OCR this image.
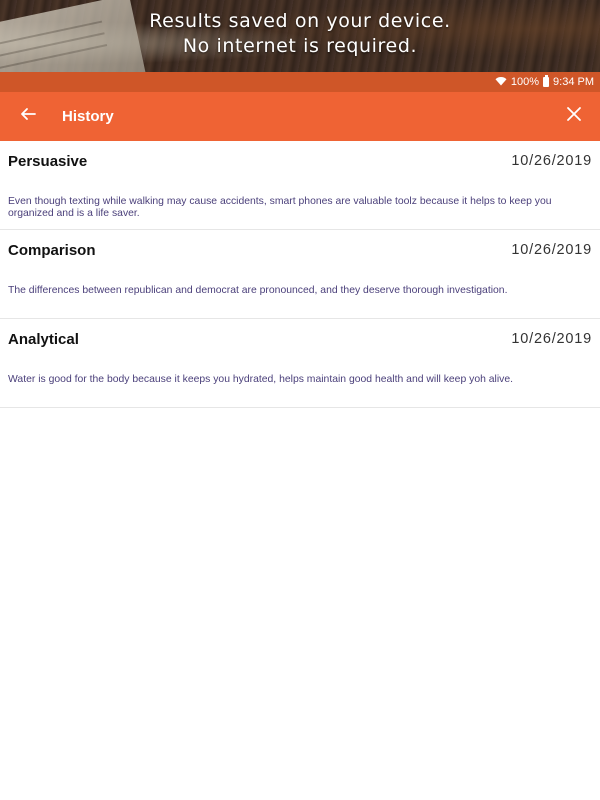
Results saved on your device.
No internet is required.
100% 9:34 PM
History
Persuasive	10/26/2019
Even though texting while walking may cause accidents, smart phones are valuable toolz because it helps to keep you organized and is a life saver.
Comparison	10/26/2019
The differences between republican and democrat are pronounced, and they deserve thorough investigation.
Analytical	10/26/2019
Water is good for the body because it keeps you hydrated, helps maintain good health and will keep yoh alive.
